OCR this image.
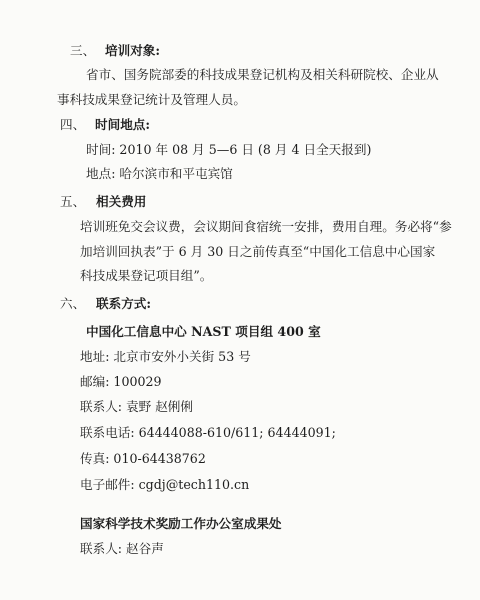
三、 培训对象:
省市、国务院部委的科技成果登记机构及相关科研院校、企业从
事科技成果登记统计及管理人员。
四、 时间地点:
时间: 2010 年 08 月 5—6 日 (8 月 4 日全天报到)
地点: 哈尔滨市和平屯宾馆
五、 相关费用
培训班免交会议费，会议期间食宿统一安排，费用自理。务必将“参
加培训回执表”于 6 月 30 日之前传真至“中国化工信息中心国家
科技成果登记项目组”。
六、 联系方式:
中国化工信息中心 NAST 项目组 400 室
地址: 北京市安外小关街 53 号
邮编: 100029
联系人: 袁野 赵俐俐
联系电话: 64444088-610/611; 64444091;
传真: 010-64438762
电子邮件: cgdj@tech110.cn
国家科学技术奖励工作办公室成果处
联系人: 赵谷声
